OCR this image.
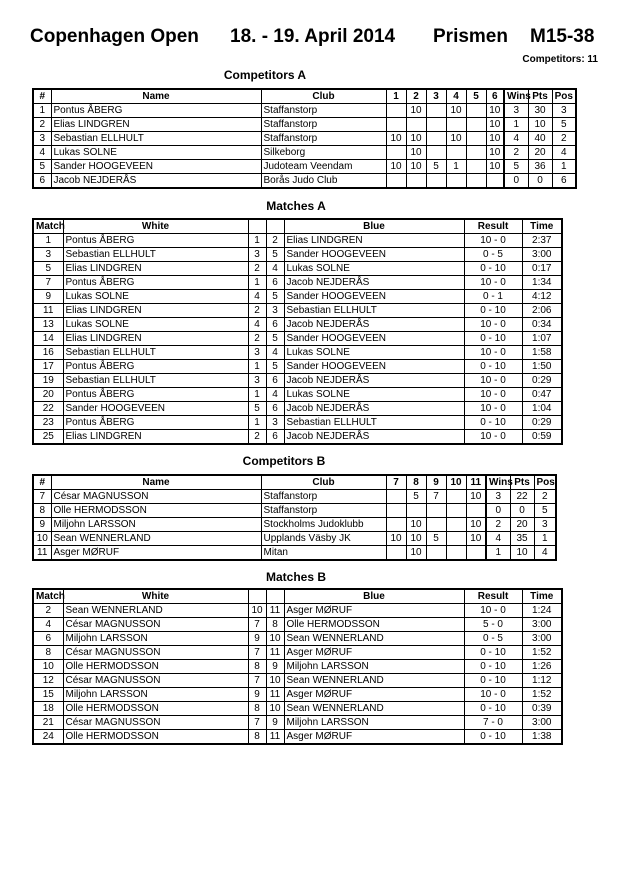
Copenhagen Open

18. - 19. April 2014

Prismen

M15-38

Competitors: 11
Competitors A
#	Name	Club	1	2	3	4	5	6	Wins	Pts	Pos
1	Pontus ÅBERG	Staffanstorp		10		10		10	3	30	3
2	Elias LINDGREN	Staffanstorp						10	1	10	5
3	Sebastian ELLHULT	Staffanstorp	10	10		10		10	4	40	2
4	Lukas SOLNE	Silkeborg		10				10	2	20	4
5	Sander HOOGEVEEN	Judoteam Veendam	10	10	5	1		10	5	36	1
6	Jacob NEJDERÅS	Borås Judo Club							0	0	6
Matches A
Match	White			Blue	Result	Time
1	Pontus ÅBERG	1	2	Elias LINDGREN	10 - 0	2:37
3	Sebastian ELLHULT	3	5	Sander HOOGEVEEN	0 - 5	3:00
5	Elias LINDGREN	2	4	Lukas SOLNE	0 - 10	0:17
7	Pontus ÅBERG	1	6	Jacob NEJDERÅS	10 - 0	1:34
9	Lukas SOLNE	4	5	Sander HOOGEVEEN	0 - 1	4:12
11	Elias LINDGREN	2	3	Sebastian ELLHULT	0 - 10	2:06
13	Lukas SOLNE	4	6	Jacob NEJDERÅS	10 - 0	0:34
14	Elias LINDGREN	2	5	Sander HOOGEVEEN	0 - 10	1:07
16	Sebastian ELLHULT	3	4	Lukas SOLNE	10 - 0	1:58
17	Pontus ÅBERG	1	5	Sander HOOGEVEEN	0 - 10	1:50
19	Sebastian ELLHULT	3	6	Jacob NEJDERÅS	10 - 0	0:29
20	Pontus ÅBERG	1	4	Lukas SOLNE	10 - 0	0:47
22	Sander HOOGEVEEN	5	6	Jacob NEJDERÅS	10 - 0	1:04
23	Pontus ÅBERG	1	3	Sebastian ELLHULT	0 - 10	0:29
25	Elias LINDGREN	2	6	Jacob NEJDERÅS	10 - 0	0:59
Competitors B
#	Name	Club	7	8	9	10	11	Wins	Pts	Pos
7	César MAGNUSSON	Staffanstorp		5	7		10	3	22	2
8	Olle HERMODSSON	Staffanstorp						0	0	5
9	Miljohn LARSSON	Stockholms Judoklubb		10			10	2	20	3
10	Sean WENNERLAND	Upplands Väsby JK	10	10	5		10	4	35	1
11	Asger MØRUF	Mitan		10				1	10	4
Matches B
Match	White			Blue	Result	Time
2	Sean WENNERLAND	10	11	Asger MØRUF	10 - 0	1:24
4	César MAGNUSSON	7	8	Olle HERMODSSON	5 - 0	3:00
6	Miljohn LARSSON	9	10	Sean WENNERLAND	0 - 5	3:00
8	César MAGNUSSON	7	11	Asger MØRUF	0 - 10	1:52
10	Olle HERMODSSON	8	9	Miljohn LARSSON	0 - 10	1:26
12	César MAGNUSSON	7	10	Sean WENNERLAND	0 - 10	1:12
15	Miljohn LARSSON	9	11	Asger MØRUF	10 - 0	1:52
18	Olle HERMODSSON	8	10	Sean WENNERLAND	0 - 10	0:39
21	César MAGNUSSON	7	9	Miljohn LARSSON	7 - 0	3:00
24	Olle HERMODSSON	8	11	Asger MØRUF	0 - 10	1:38
